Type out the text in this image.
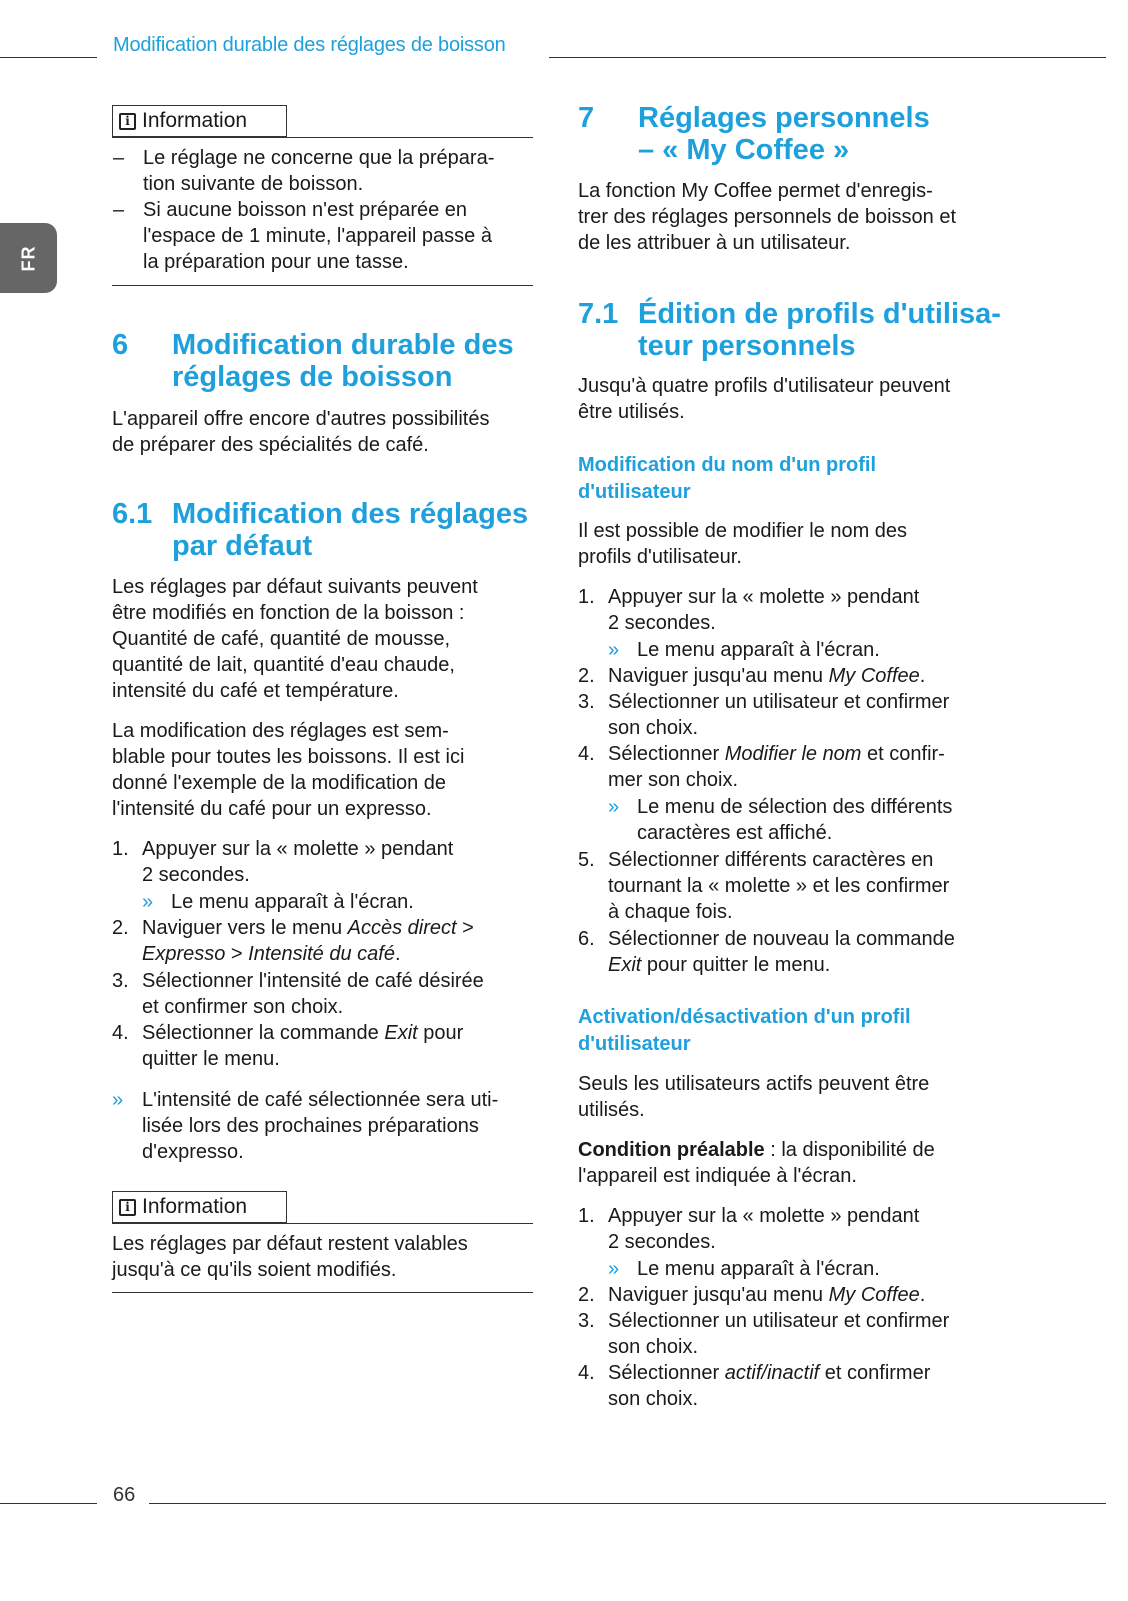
Modification durable des réglages de boisson
FR
i Information
– Le réglage ne concerne que la prépara-
tion suivante de boisson.
– Si aucune boisson n'est préparée en
l'espace de 1 minute, l'appareil passe à
la préparation pour une tasse.
6 Modification durable des
réglages de boisson
L'appareil offre encore d'autres possibilités
de préparer des spécialités de café.
6.1 Modification des réglages
par défaut
Les réglages par défaut suivants peuvent
être modifiés en fonction de la boisson :
Quantité de café, quantité de mousse,
quantité de lait, quantité d'eau chaude,
intensité du café et température.
La modification des réglages est sem-
blable pour toutes les boissons. Il est ici
donné l'exemple de la modification de
l'intensité du café pour un expresso.
1. Appuyer sur la « molette » pendant
2 secondes.
» Le menu apparaît à l'écran.
2. Naviguer vers le menu Accès direct >
Expresso > Intensité du café.
3. Sélectionner l'intensité de café désirée
et confirmer son choix.
4. Sélectionner la commande Exit pour
quitter le menu.
» L'intensité de café sélectionnée sera uti-
lisée lors des prochaines préparations
d'expresso.
i Information
Les réglages par défaut restent valables
jusqu'à ce qu'ils soient modifiés.
7 Réglages personnels
– « My Coffee »
La fonction My Coffee permet d'enregis-
trer des réglages personnels de boisson et
de les attribuer à un utilisateur.
7.1 Édition de profils d'utilisa-
teur personnels
Jusqu'à quatre profils d'utilisateur peuvent
être utilisés.
Modification du nom d'un profil
d'utilisateur
Il est possible de modifier le nom des
profils d'utilisateur.
1. Appuyer sur la « molette » pendant
2 secondes.
» Le menu apparaît à l'écran.
2. Naviguer jusqu'au menu My Coffee.
3. Sélectionner un utilisateur et confirmer
son choix.
4. Sélectionner Modifier le nom et confir-
mer son choix.
» Le menu de sélection des différents
caractères est affiché.
5. Sélectionner différents caractères en
tournant la « molette » et les confirmer
à chaque fois.
6. Sélectionner de nouveau la commande
Exit pour quitter le menu.
Activation/désactivation d'un profil
d'utilisateur
Seuls les utilisateurs actifs peuvent être
utilisés.
Condition préalable : la disponibilité de
l'appareil est indiquée à l'écran.
1. Appuyer sur la « molette » pendant
2 secondes.
» Le menu apparaît à l'écran.
2. Naviguer jusqu'au menu My Coffee.
3. Sélectionner un utilisateur et confirmer
son choix.
4. Sélectionner actif/inactif et confirmer
son choix.
66
